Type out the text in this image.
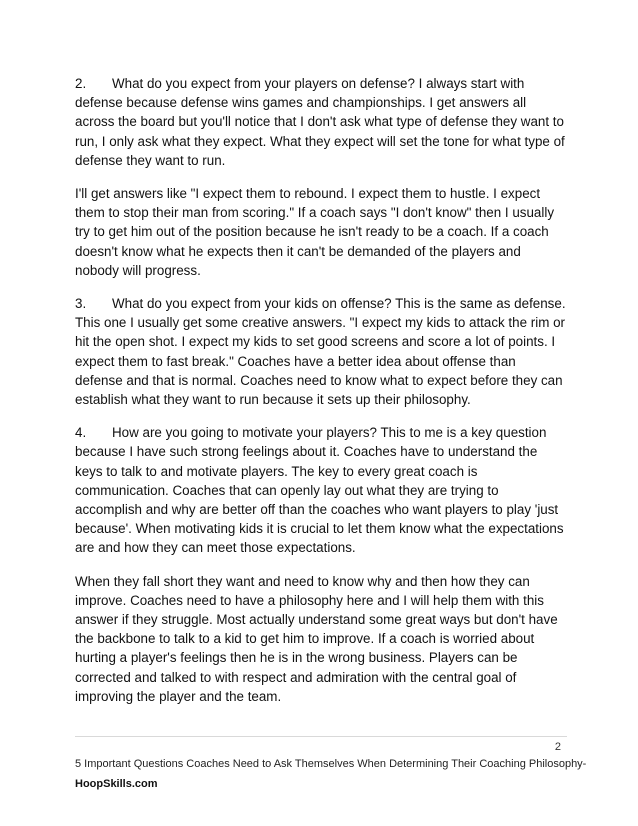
2. What do you expect from your players on defense? I always start with defense because defense wins games and championships. I get answers all across the board but you'll notice that I don't ask what type of defense they want to run, I only ask what they expect. What they expect will set the tone for what type of defense they want to run.

I'll get answers like "I expect them to rebound. I expect them to hustle. I expect them to stop their man from scoring." If a coach says "I don't know" then I usually try to get him out of the position because he isn't ready to be a coach. If a coach doesn't know what he expects then it can't be demanded of the players and nobody will progress.

3. What do you expect from your kids on offense? This is the same as defense. This one I usually get some creative answers. "I expect my kids to attack the rim or hit the open shot. I expect my kids to set good screens and score a lot of points. I expect them to fast break." Coaches have a better idea about offense than defense and that is normal. Coaches need to know what to expect before they can establish what they want to run because it sets up their philosophy.

4. How are you going to motivate your players? This to me is a key question because I have such strong feelings about it. Coaches have to understand the keys to talk to and motivate players. The key to every great coach is communication. Coaches that can openly lay out what they are trying to accomplish and why are better off than the coaches who want players to play 'just because'. When motivating kids it is crucial to let them know what the expectations are and how they can meet those expectations.

When they fall short they want and need to know why and then how they can improve. Coaches need to have a philosophy here and I will help them with this answer if they struggle. Most actually understand some great ways but don't have the backbone to talk to a kid to get him to improve. If a coach is worried about hurting a player's feelings then he is in the wrong business. Players can be corrected and talked to with respect and admiration with the central goal of improving the player and the team.

2
5 Important Questions Coaches Need to Ask Themselves When Determining Their Coaching Philosophy-
HoopSkills.com
